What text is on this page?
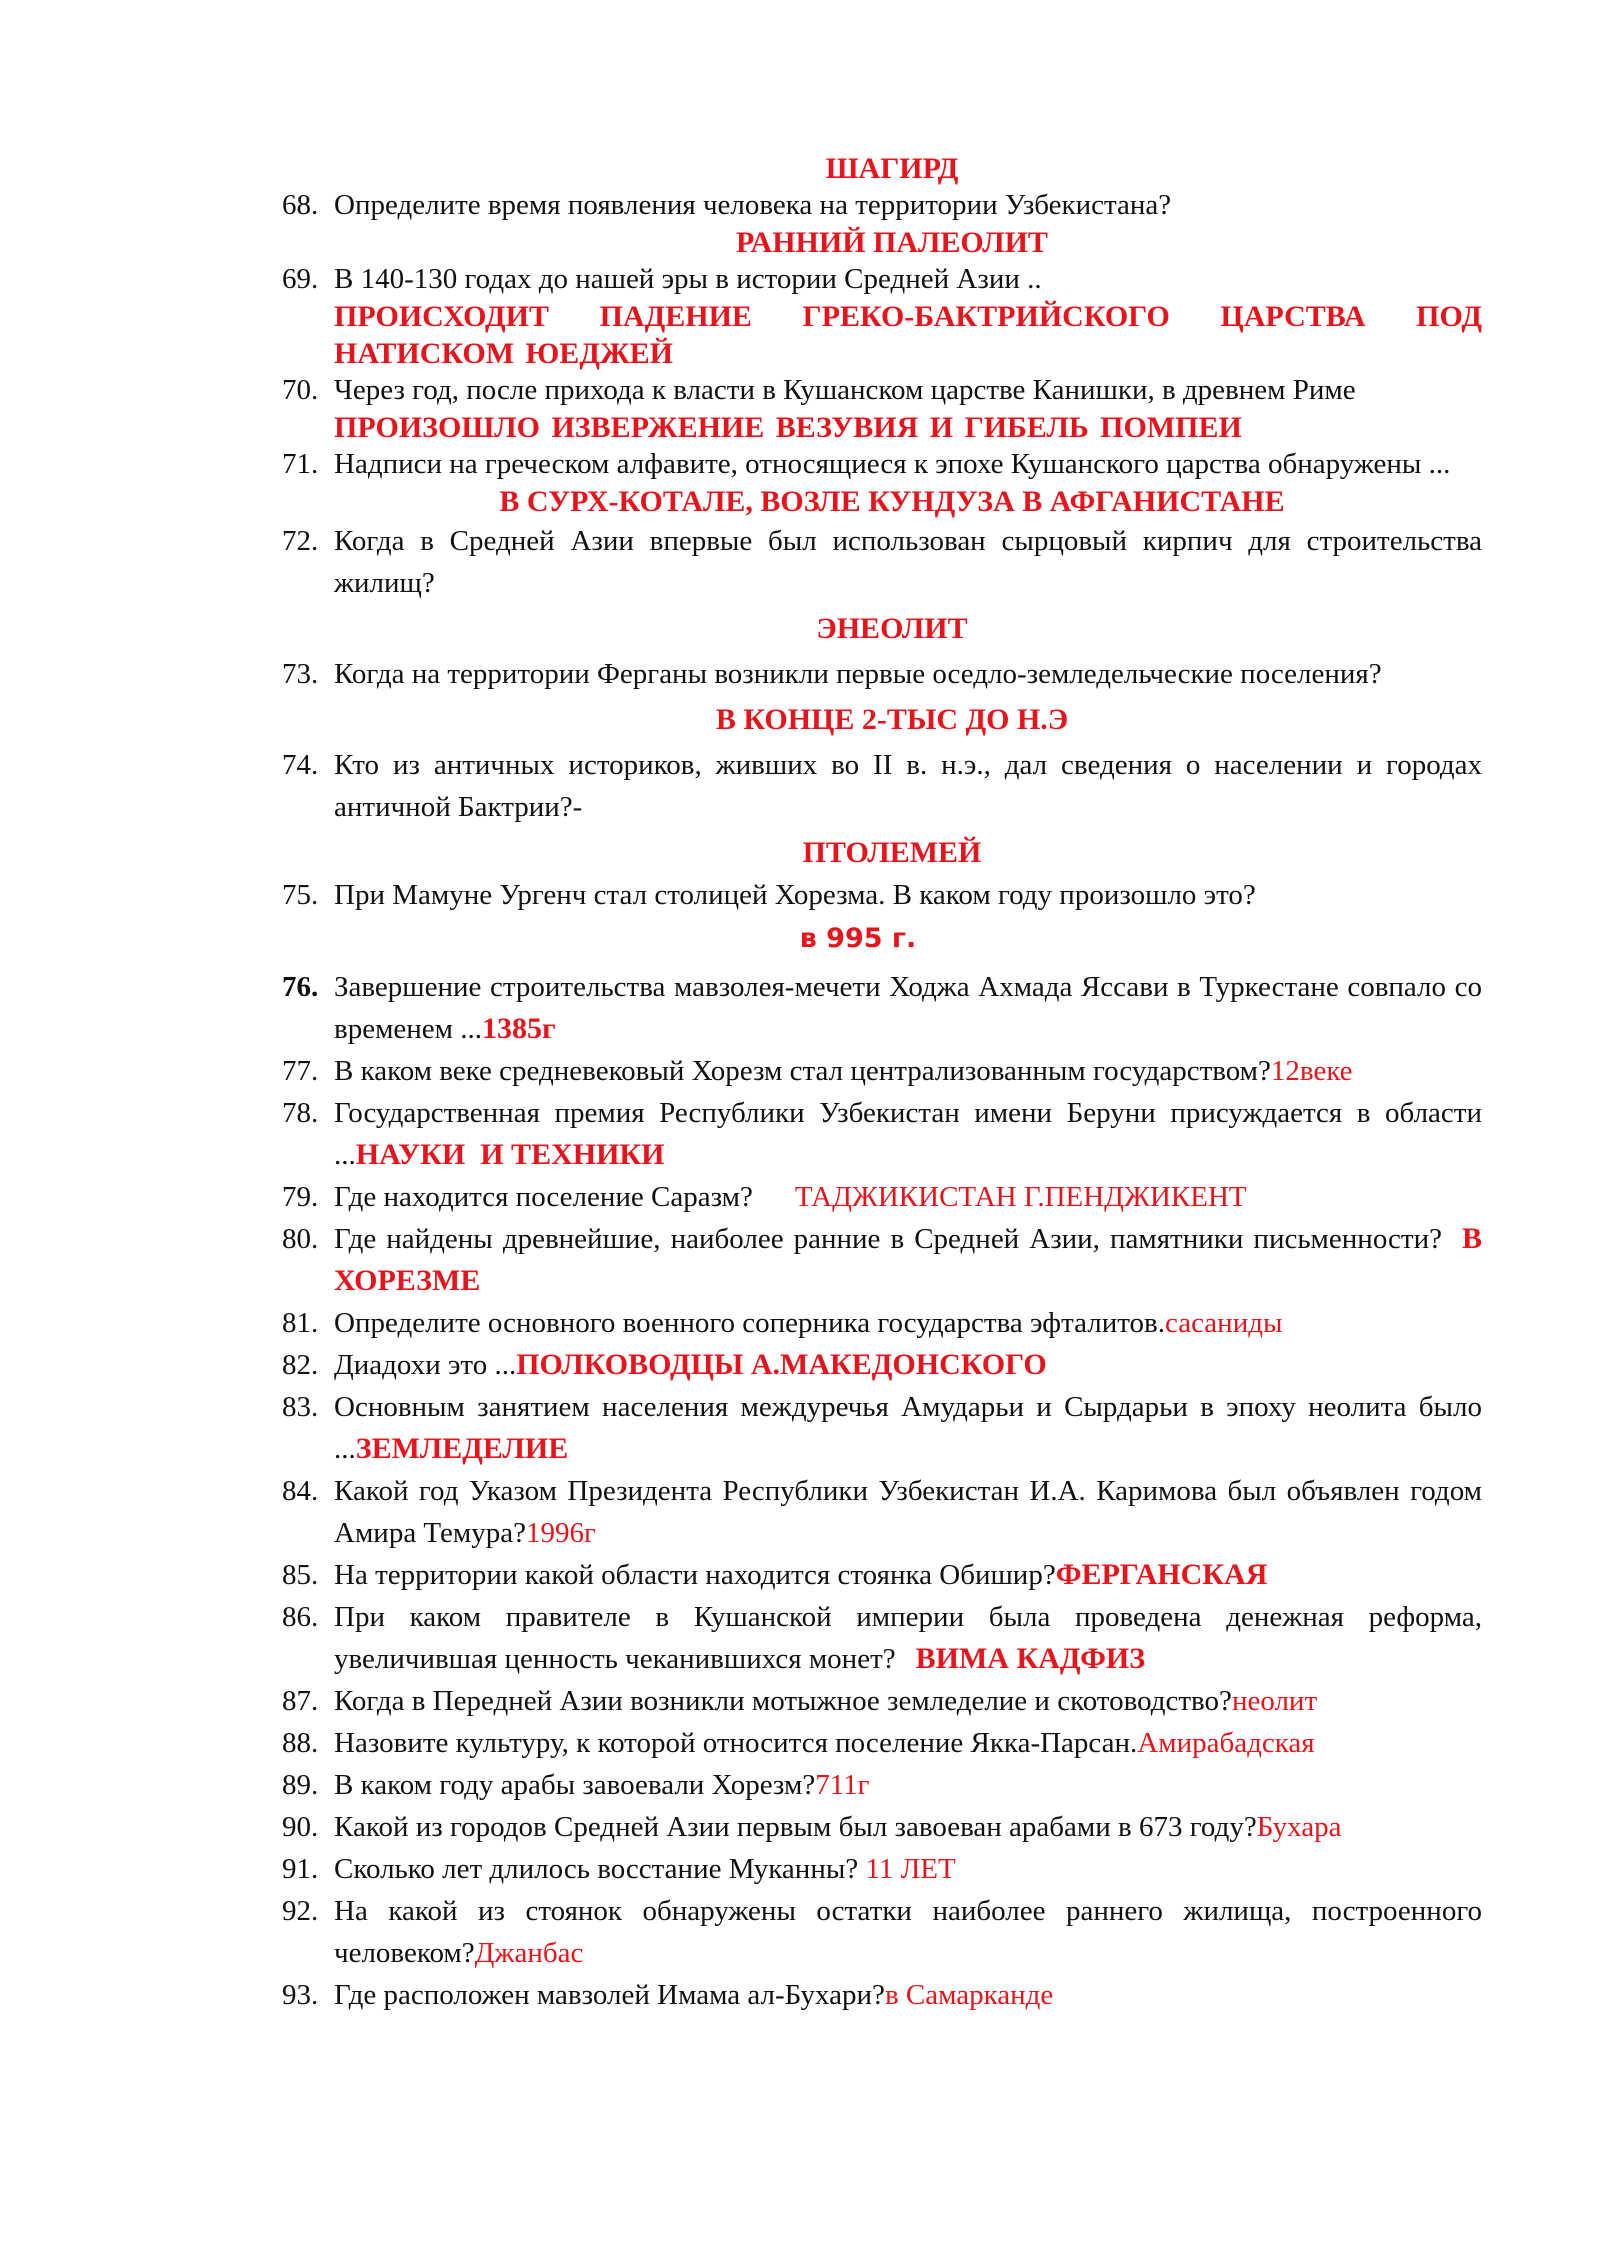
ШАГИРД

68. Определите время появления человека на территории Узбекистана?

РАННИЙ ПАЛЕОЛИТ

69. В 140-130 годах до нашей эры в истории Средней Азии ..

ПРОИСХОДИТ ПАДЕНИЕ ГРЕКО-БАКТРИЙСКОГО ЦАРСТВА ПОД НАТИСКОМ ЮЕДЖЕЙ

70. Через год, после прихода к власти в Кушанском царстве Канишки, в древнем Риме

ПРОИЗОШЛО ИЗВЕРЖЕНИЕ ВЕЗУВИЯ И ГИБЕЛЬ ПОМПЕИ

71. Надписи на греческом алфавите, относящиеся к эпохе Кушанского царства обнаружены ...

В СУРХ-КОТАЛЕ, ВОЗЛЕ КУНДУЗА В АФГАНИСТАНЕ

72. Когда в Средней Азии впервые был использован сырцовый кирпич для строительства жилищ?

ЭНЕОЛИТ

73. Когда на территории Ферганы возникли первые оседло-земледельческие поселения?

В КОНЦЕ 2-ТЫС ДО Н.Э

74. Кто из античных историков, живших во II в. н.э., дал сведения о населении и городах античной Бактрии?-

ПТОЛЕМЕЙ

75. При Мамуне Ургенч стал столицей Хорезма. В каком году произошло это?

в 995 г.

76. Завершение строительства мавзолея-мечети Ходжа Ахмада Яссави в Туркестане совпало со временем ...1385г
77. В каком веке средневековый Хорезм стал централизованным государством?12веке
78. Государственная премия Республики Узбекистан имени Беруни присуждается в области ...НАУКИ  И ТЕХНИКИ
79. Где находится поселение Саразм? ТАДЖИКИСТАН Г.ПЕНДЖИКЕНТ
80. Где найдены древнейшие, наиболее ранние в Средней Азии, памятники письменности? В ХОРЕЗМЕ
81. Определите основного военного соперника государства эфталитов.сасаниды
82. Диадохи это ...ПОЛКОВОДЦЫ А.МАКЕДОНСКОГО
83. Основным занятием населения междуречья Амударьи и Сырдарьи в эпоху неолита было ...ЗЕМЛЕДЕЛИЕ
84. Какой год Указом Президента Республики Узбекистан И.А. Каримова был объявлен годом Амира Темура?1996г
85. На территории какой области находится стоянка Обишир?ФЕРГАНСКАЯ
86. При каком правителе в Кушанской империи была проведена денежная реформа, увеличившая ценность чеканившихся монет? ВИМА КАДФИЗ
87. Когда в Передней Азии возникли мотыжное земледелие и скотоводство?неолит
88. Назовите культуру, к которой относится поселение Якка-Парсан.Амирабадская
89. В каком году арабы завоевали Хорезм?711г
90. Какой из городов Средней Азии первым был завоеван арабами в 673 году?Бухара
91. Сколько лет длилось восстание Муканны? 11 ЛЕТ
92. На какой из стоянок обнаружены остатки наиболее раннего жилища, построенного человеком?Джанбас
93. Где расположен мавзолей Имама ал-Бухари?в Самарканде
